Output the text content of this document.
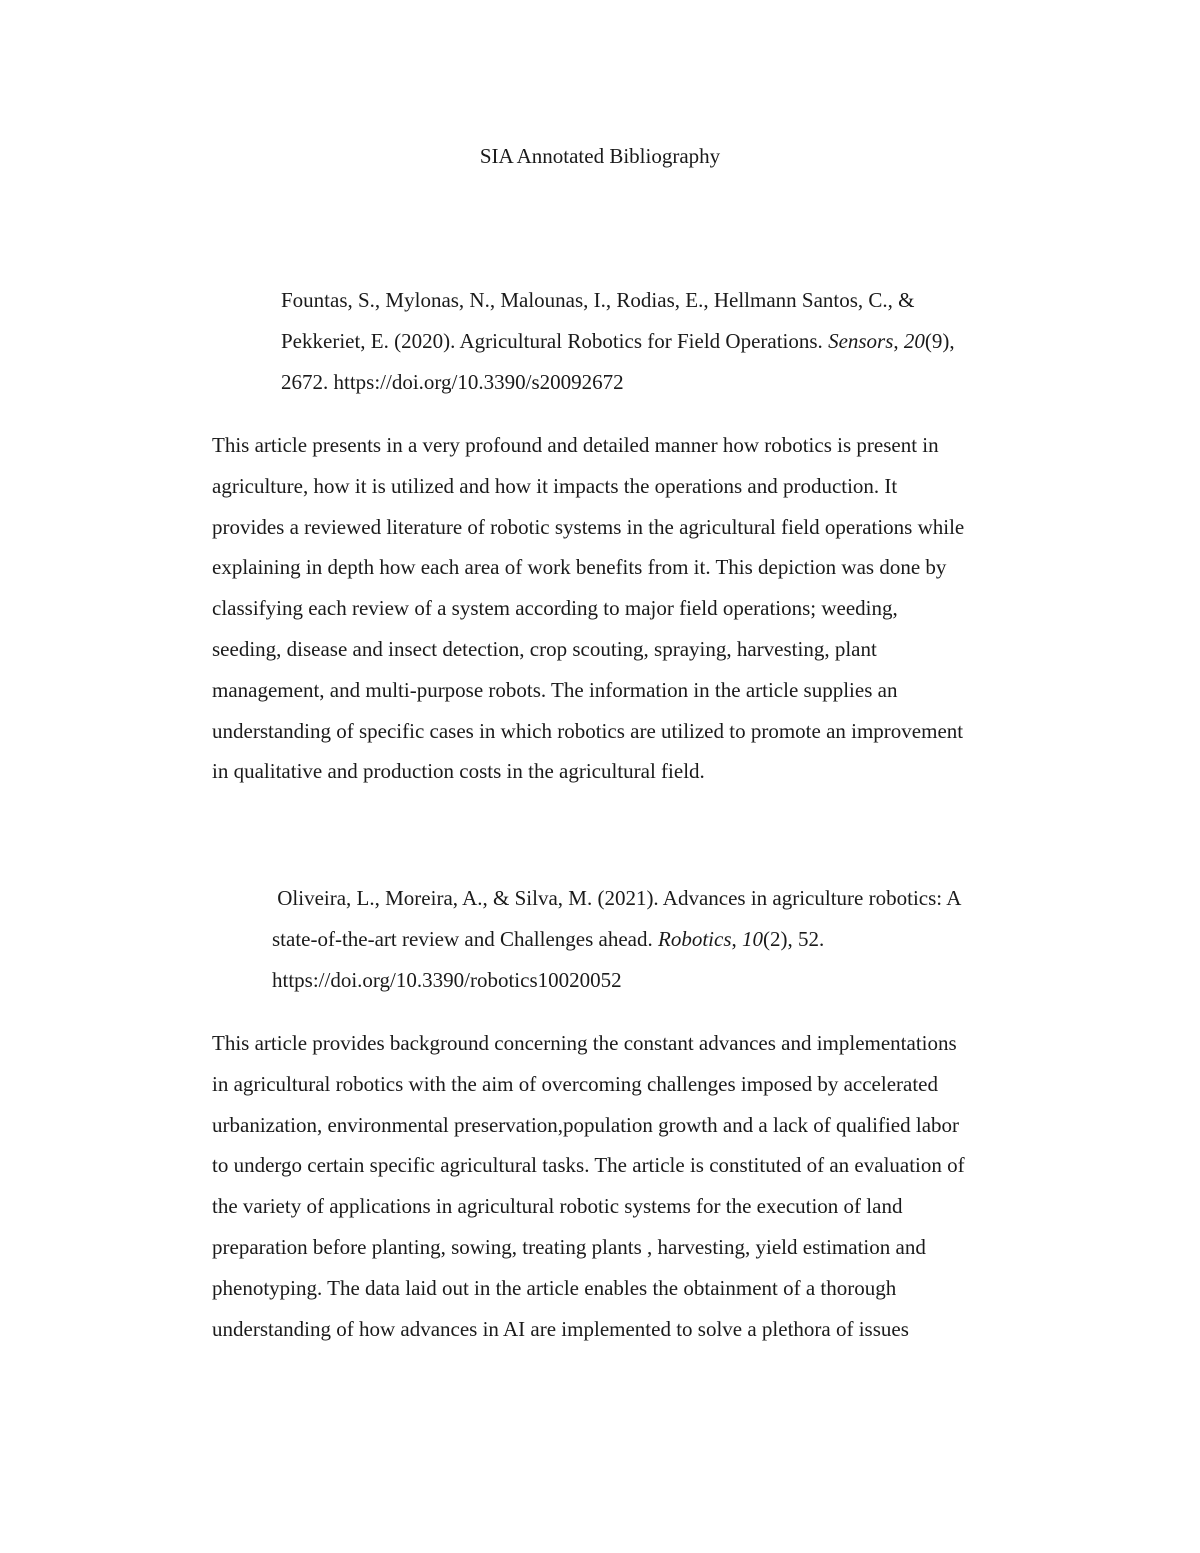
SIA Annotated Bibliography
Fountas, S., Mylonas, N., Malounas, I., Rodias, E., Hellmann Santos, C., &
Pekkeriet, E. (2020). Agricultural Robotics for Field Operations. Sensors, 20(9),
2672. https://doi.org/10.3390/s20092672
This article presents in a very profound and detailed manner how robotics is present in
agriculture, how it is utilized and how it impacts the operations and production. It
provides a reviewed literature of robotic systems in the agricultural field operations while
explaining in depth how each area of work benefits from it. This depiction was done by
classifying each review of a system according to major field operations; weeding,
seeding, disease and insect detection, crop scouting, spraying, harvesting, plant
management, and multi-purpose robots. The information in the article supplies an
understanding of specific cases in which robotics are utilized to promote an improvement
in qualitative and production costs in the agricultural field.
Oliveira, L., Moreira, A., & Silva, M. (2021). Advances in agriculture robotics: A
state-of-the-art review and Challenges ahead. Robotics, 10(2), 52.
https://doi.org/10.3390/robotics10020052
This article provides background concerning the constant advances and implementations
in agricultural robotics with the aim of overcoming challenges imposed by accelerated
urbanization, environmental preservation,population growth and a lack of qualified labor
to undergo certain specific agricultural tasks. The article is constituted of an evaluation of
the variety of applications in agricultural robotic systems for the execution of land
preparation before planting, sowing, treating plants , harvesting, yield estimation and
phenotyping. The data laid out in the article enables the obtainment of a thorough
understanding of how advances in AI are implemented to solve a plethora of issues
